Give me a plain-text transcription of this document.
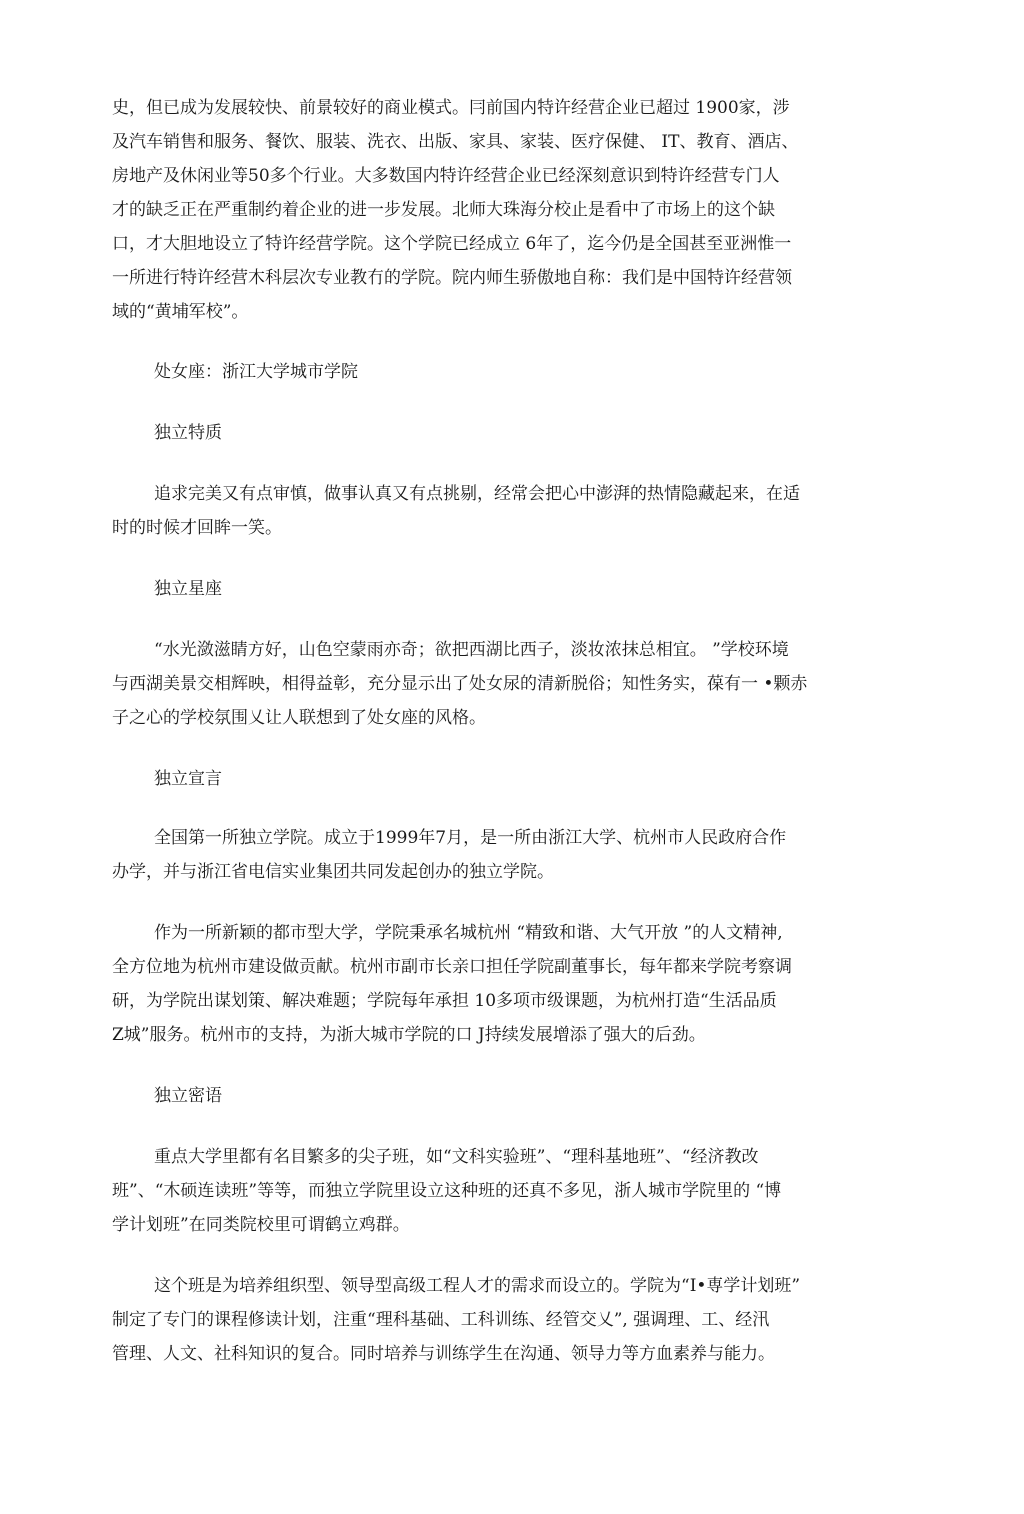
史，但已成为发展较快、前景较好的商业模式。冃前国内特许经营企业已超过 1900家，涉
及汽车销售和服务、餐饮、服装、洗衣、出版、家具、家装、医疗保健、 IT、教育、酒店、
房地产及休闲业等50多个行业。大多数国内特许经营企业已经深刻意识到特许经营专门人
才的缺乏正在严重制约着企业的进一步发展。北师大珠海分校止是看中了市场上的这个缺
口，才大胆地设立了特许经营学院。这个学院已经成立 6年了，迄今仍是全国甚至亚洲惟一
一所进行特许经营木科层次专业教冇的学院。院内师生骄傲地自称：我们是中国特许经营领
域的“黄埔军校”。
处女座：浙江大学城市学院
独立特质
追求完美又有点审慎，做事认真又有点挑剔，经常会把心中澎湃的热情隐藏起来，在适
时的时候才回眸一笑。
独立星座
“水光潋滋睛方好，山色空蒙雨亦奇；欲把西湖比西子，淡妆浓抹总相宜。 ”学校环境
与西湖美景交相辉映，相得益彰，充分显示出了处女尿的清新脱俗；知性务实，葆有一 •颗赤
子之心的学校氛围乂让人联想到了处女座的风格。
独立宣言
全国第一所独立学院。成立于1999年7月，是一所由浙江大学、杭州市人民政府合作
办学，并与浙江省电信实业集团共同发起创办的独立学院。
作为一所新颖的都市型大学，学院秉承名城杭州 “精致和谐、大气开放 ”的人文精神,
全方位地为杭州市建设做贡献。杭州市副市长亲口担任学院副董事长，每年都来学院考察调
研，为学院出谋划策、解决难题；学院每年承担 10多项市级课题，为杭州打造“生活品质
Z城”服务。杭州市的支持，为浙大城市学院的口 J持续发展增添了强大的后劲。
独立密语
重点大学里都有名目繁多的尖子班，如“文科实验班”、“理科基地班”、“经济教改
班”、“木硕连读班”等等，而独立学院里设立这种班的还真不多见，浙人城市学院里的 “博
学计划班”在同类院校里可谓鹤立鸡群。
这个班是为培养组织型、领导型高级工程人才的需求而设立的。学院为“I•専学计划班”
制定了专门的课程修读计划，注重“理科基础、工科训练、经管交乂”, 强调理、工、经汛
管理、人文、社科知识的复合。同时培养与训练学生在沟通、领导力等方血素养与能力。
